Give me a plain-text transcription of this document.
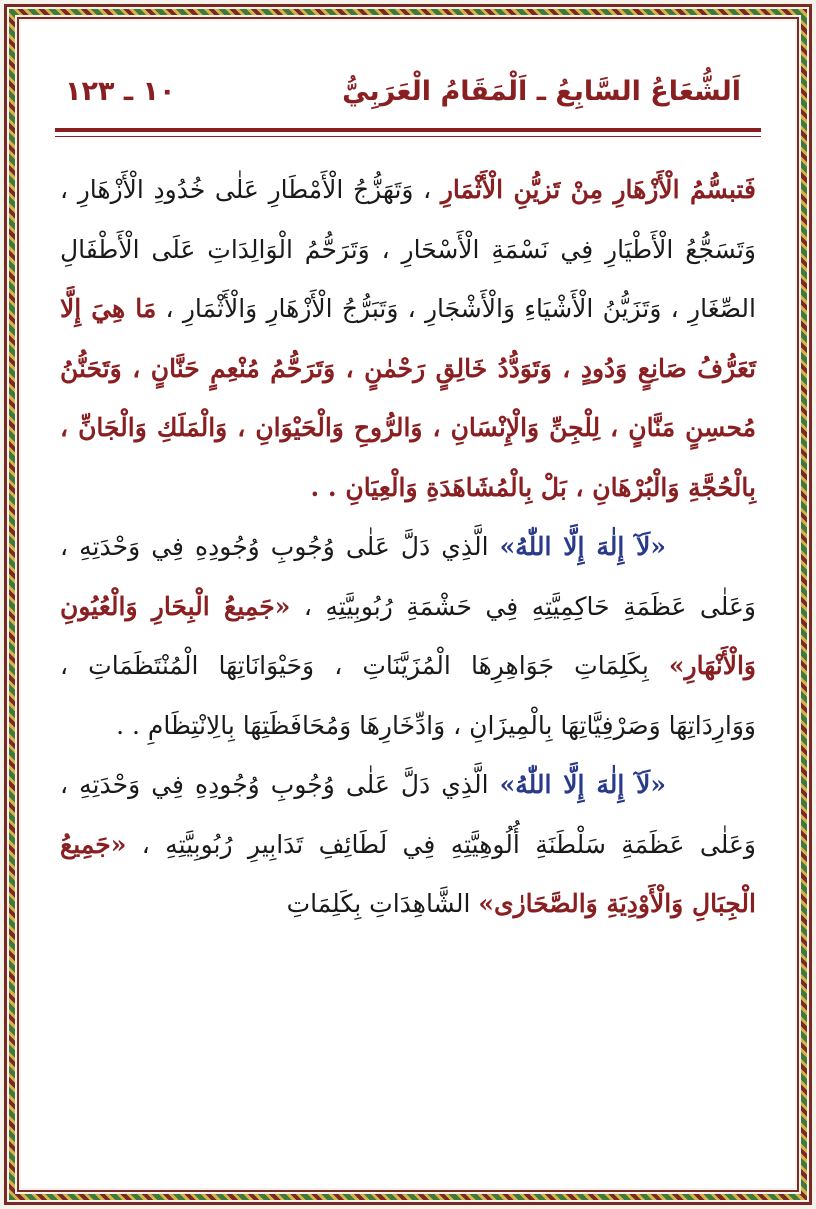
اَلشُّعَاعُ السَّابِعُ ـ اَلْمَقَامُ الْعَرَبِيُّ
١٠ ـ ١٢٣

فَتبسُّمُ الْأَزْهَارِ مِنْ تَزيُّنِ الْأَثْمَارِ ، وَتَهَزُّجُ الْأَمْطَارِ عَلٰى خُدُودِ الْأَزْهَارِ ، وَتَسَجُّعُ الْأَطْيَارِ فِي نَسْمَةِ الْأَسْحَارِ ، وَتَرَحُّمُ الْوَالِدَاتِ عَلَى الْأَطْفَالِ الصِّغَارِ ، وَتَزَيُّنُ الْأَشْيَاءِ وَالْأَشْجَارِ ، وَتَبَرُّجُ الْأَزْهَارِ وَالْأَثْمَارِ ، مَا هِيَ إِلَّا تَعَرُّفُ صَانِعٍ وَدُودٍ ، وَتَوَدُّدُ خَالِقٍ رَحْمٰنٍ ، وَتَرَحُّمُ مُنْعِمٍ حَنَّانٍ ، وَتَحَنُّنُ مُحسِنٍ مَنَّانٍ ، لِلْجِنِّ وَالْإِنْسَانِ ، وَالرُّوحِ وَالْحَيْوَانِ ، وَالْمَلَكِ وَالْجَانِّ ، بِالْحُجَّةِ وَالْبُرْهَانِ ، بَلْ بِالْمُشَاهَدَةِ وَالْعِيَانِ . .

«لَآ إِلٰهَ إِلَّا اللّٰهُ» الَّذِي دَلَّ عَلٰى وُجُوبِ وُجُودِهِ فِي وَحْدَتِهِ ، وَعَلٰى عَظَمَةِ حَاكِمِيَّتِهِ فِي حَشْمَةِ رُبُوبِيَّتِهِ ، «جَمِيعُ الْبِحَارِ وَالْعُيُونِ وَالْأَنْهَارِ» بِكَلِمَاتِ جَوَاهِرِهَا الْمُزَيَّنَاتِ ، وَحَيْوَانَاتِهَا الْمُنْتَظَمَاتِ ، وَوَارِدَاتِهَا وَصَرْفِيَّاتِهَا بِالْمِيزَانِ ، وَادِّخَارِهَا وَمُحَافَظَتِهَا بِالِانْتِظَامِ . .

«لَآ إِلٰهَ إِلَّا اللّٰهُ» الَّذِي دَلَّ عَلٰى وُجُوبِ وُجُودِهِ فِي وَحْدَتِهِ ، وَعَلٰى عَظَمَةِ سَلْطَنَةِ أُلُوهِيَّتِهِ فِي لَطَائِفِ تَدَابِيرِ رُبُوبِيَّتِهِ ، «جَمِيعُ الْجِبَالِ وَالْأَوْدِيَةِ وَالصَّحَارٰى» الشَّاهِدَاتِ بِكَلِمَاتِ
